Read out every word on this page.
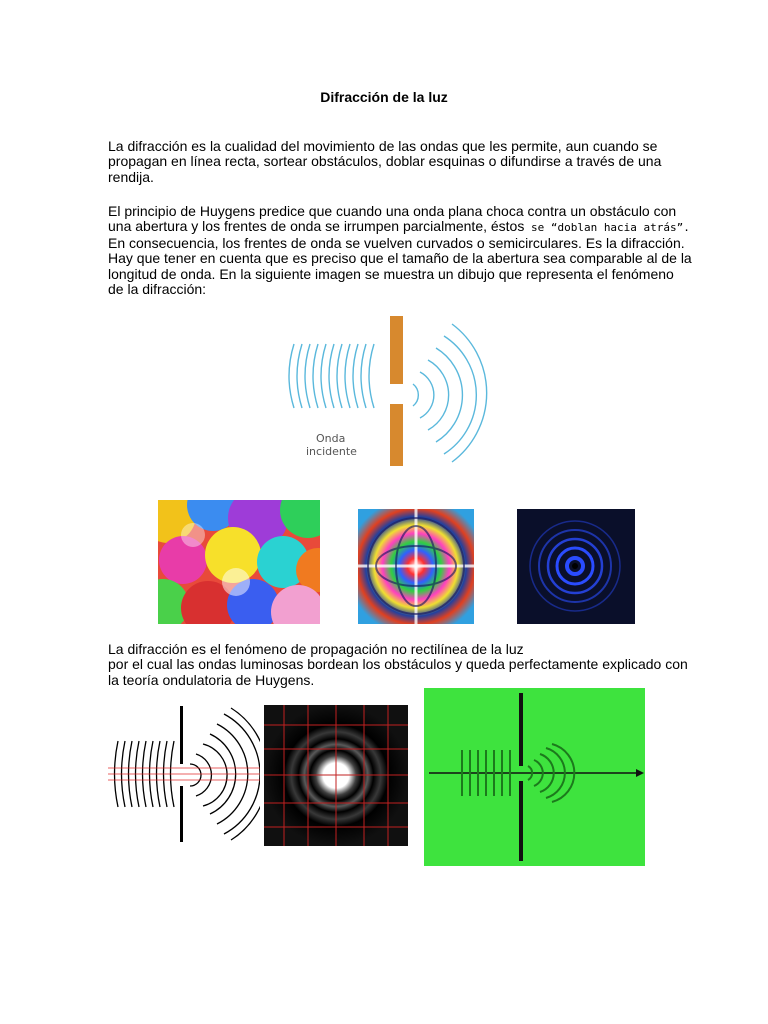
Difracción de la luz
La difracción es la cualidad del movimiento de las ondas que les permite, aun cuando se propagan en línea recta, sortear obstáculos, doblar esquinas o difundirse a través de una rendija.
El principio de Huygens predice que cuando una onda plana choca contra un obstáculo con una abertura y los frentes de onda se irrumpen parcialmente, éstos se “doblan hacia atrás”.
En consecuencia, los frentes de onda se vuelven curvados o semicirculares. Es la difracción. Hay que tener en cuenta que es preciso que el tamaño de la abertura sea comparable al de la longitud de onda. En la siguiente imagen se muestra un dibujo que representa el fenómeno de la difracción:
Onda
incidente
La difracción es el fenómeno de propagación no rectilínea de la luz
por el cual las ondas luminosas bordean los obstáculos y queda perfectamente explicado con la teoría ondulatoria de Huygens.
